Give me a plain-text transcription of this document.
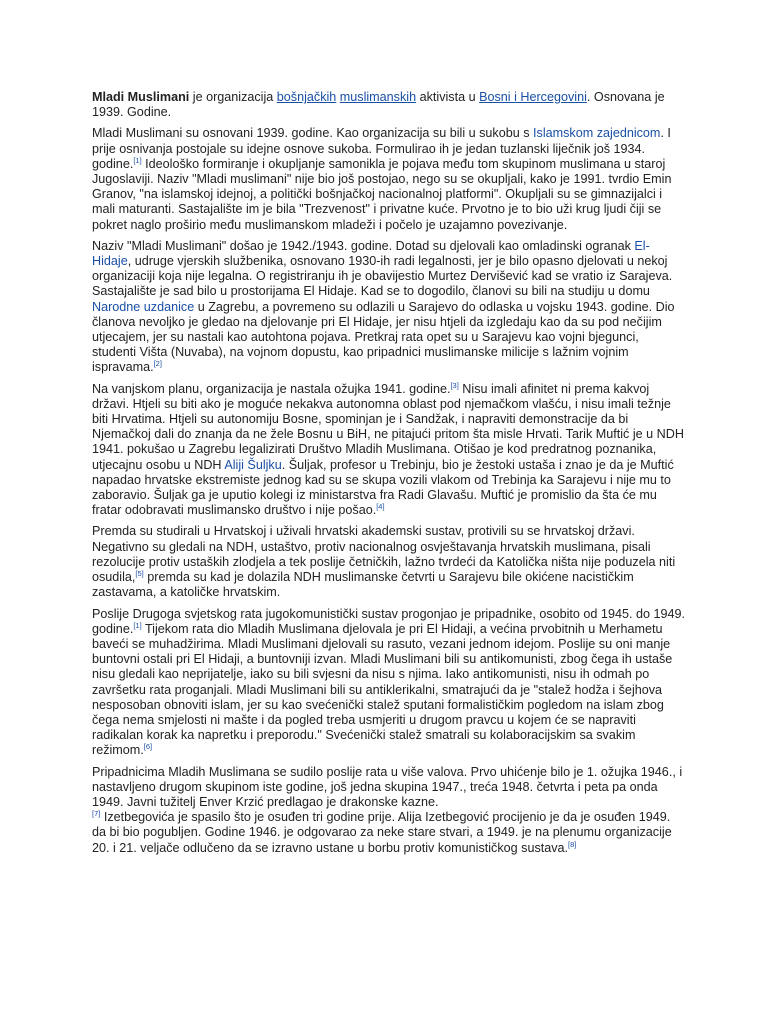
Mladi Muslimani je organizacija bošnjačkih muslimanskih aktivista u Bosni i Hercegovini. Osnovana je 1939. Godine.

Mladi Muslimani su osnovani 1939. godine. Kao organizacija su bili u sukobu s Islamskom zajednicom. I prije osnivanja postojale su idejne osnove sukoba. Formulirao ih je jedan tuzlanski liječnik još 1934. godine.[1] Ideološko formiranje i okupljanje samonikla je pojava među tom skupinom muslimana u staroj Jugoslaviji. Naziv "Mladi muslimani" nije bio još postojao, nego su se okupljali, kako je 1991. tvrdio Emin Granov, "na islamskoj idejnoj, a politički bošnjačkoj nacionalnoj platformi". Okupljali su se gimnazijalci i mali maturanti. Sastajalište im je bila "Trezvenost" i privatne kuće. Prvotno je to bio uži krug ljudi čiji se pokret naglo proširio među muslimanskom mladeži i počelo je uzajamno povezivanje.

Naziv "Mladi Muslimani" došao je 1942./1943. godine. Dotad su djelovali kao omladinski ogranak El-Hidaje, udruge vjerskih službenika, osnovano 1930-ih radi legalnosti, jer je bilo opasno djelovati u nekoj organizaciji koja nije legalna. O registriranju ih je obavijestio Murtez Dervišević kad se vratio iz Sarajeva. Sastajalište je sad bilo u prostorijama El Hidaje. Kad se to dogodilo, članovi su bili na studiju u domu Narodne uzdanice u Zagrebu, a povremeno su odlazili u Sarajevo do odlaska u vojsku 1943. godine. Dio članova nevoljko je gledao na djelovanje pri El Hidaje, jer nisu htjeli da izgledaju kao da su pod nečijim utjecajem, jer su nastali kao autohtona pojava. Pretkraj rata opet su u Sarajevu kao vojni bjegunci, studenti Višta (Nuvaba), na vojnom dopustu, kao pripadnici muslimanske milicije s lažnim vojnim ispravama.[2]

Na vanjskom planu, organizacija je nastala ožujka 1941. godine.[3] Nisu imali afinitet ni prema kakvoj državi. Htjeli su biti ako je moguće nekakva autonomna oblast pod njemačkom vlašću, i nisu imali težnje biti Hrvatima. Htjeli su autonomiju Bosne, spominjan je i Sandžak, i napraviti demonstracije da bi Njemačkoj dali do znanja da ne žele Bosnu u BiH, ne pitajući pritom šta misle Hrvati. Tarik Muftić je u NDH 1941. pokušao u Zagrebu legalizirati Društvo Mladih Muslimana. Otišao je kod predratnog poznanika, utjecajnu osobu u NDH Aliji Šuljku. Šuljak, profesor u Trebinju, bio je žestoki ustaša i znao je da je Muftić napadao hrvatske ekstremiste jednog kad su se skupa vozili vlakom od Trebinja ka Sarajevu i nije mu to zaboravio. Šuljak ga je uputio kolegi iz ministarstva fra Radi Glavašu. Muftić je promislio da šta će mu fratar odobravati muslimansko društvo i nije pošao.[4]

Premda su studirali u Hrvatskoj i uživali hrvatski akademski sustav, protivili su se hrvatskoj državi. Negativno su gledali na NDH, ustaštvo, protiv nacionalnog osvještavanja hrvatskih muslimana, pisali rezolucije protiv ustaških zlodjela a tek poslije četničkih, lažno tvrdeći da Katolička ništa nije poduzela niti osudila,[5] premda su kad je dolazila NDH muslimanske četvrti u Sarajevu bile okićene nacističkim zastavama, a katoličke hrvatskim.

Poslije Drugoga svjetskog rata jugokomunistički sustav progonjao je pripadnike, osobito od 1945. do 1949. godine.[1] Tijekom rata dio Mladih Muslimana djelovala je pri El Hidaji, a većina prvobitnih u Merhametu baveći se muhadžirima. Mladi Muslimani djelovali su rasuto, vezani jednom idejom. Poslije su oni manje buntovni ostali pri El Hidaji, a buntovniji izvan. Mladi Muslimani bili su antikomunisti, zbog čega ih ustaše nisu gledali kao neprijatelje, iako su bili svjesni da nisu s njima. Iako antikomunisti, nisu ih odmah po završetku rata proganjali. Mladi Muslimani bili su antiklerikalni, smatrajući da je "stalež hodža i šejhova nesposoban obnoviti islam, jer su kao svećenički stalež sputani formalističkim pogledom na islam zbog čega nema smjelosti ni mašte i da pogled treba usmjeriti u drugom pravcu u kojem će se napraviti radikalan korak ka napretku i preporodu." Svećenički stalež smatrali su kolaboracijskim sa svakim režimom.[6]

Pripadnicima Mladih Muslimana se sudilo poslije rata u više valova. Prvo uhićenje bilo je 1. ožujka 1946., i nastavljeno drugom skupinom iste godine, još jedna skupina 1947., treća 1948. četvrta i peta pa onda 1949. Javni tužitelj Enver Krzić predlagao je drakonske kazne.
[7] Izetbegovića je spasilo što je osuđen tri godine prije. Alija Izetbegović procijenio je da je osuđen 1949. da bi bio pogubljen. Godine 1946. je odgovarao za neke stare stvari, a 1949. je na plenumu organizacije 20. i 21. veljače odlučeno da se izravno ustane u borbu protiv komunističkog sustava.[8]
